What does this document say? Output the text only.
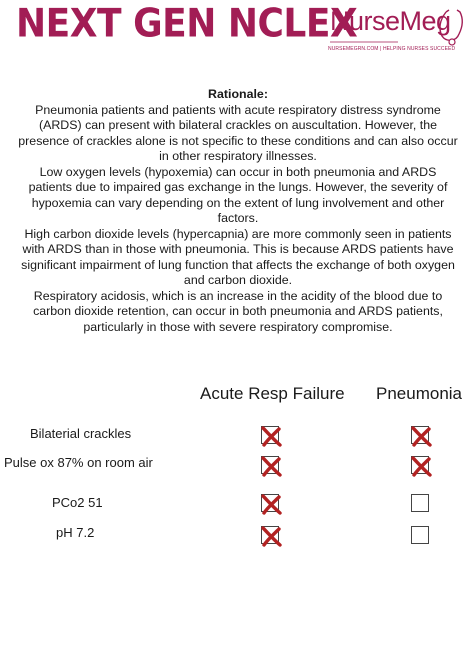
NEXT GEN NCLEX
NurseMeg
NURSEMEGRN.COM | HELPING NURSES SUCCEED
Rationale:

Pneumonia patients and patients with acute respiratory distress syndrome (ARDS) can present with bilateral crackles on auscultation. However, the presence of crackles alone is not specific to these conditions and can also occur in other respiratory illnesses.

Low oxygen levels (hypoxemia) can occur in both pneumonia and ARDS patients due to impaired gas exchange in the lungs. However, the severity of hypoxemia can vary depending on the extent of lung involvement and other factors.

High carbon dioxide levels (hypercapnia) are more commonly seen in patients with ARDS than in those with pneumonia. This is because ARDS patients have significant impairment of lung function that affects the exchange of both oxygen and carbon dioxide.

Respiratory acidosis, which is an increase in the acidity of the blood due to carbon dioxide retention, can occur in both pneumonia and ARDS patients, particularly in those with severe respiratory compromise.

Acute Resp Failure Pneumonia
Bilaterial crackles
Pulse ox 87% on room air
PCo2 51
pH 7.2
